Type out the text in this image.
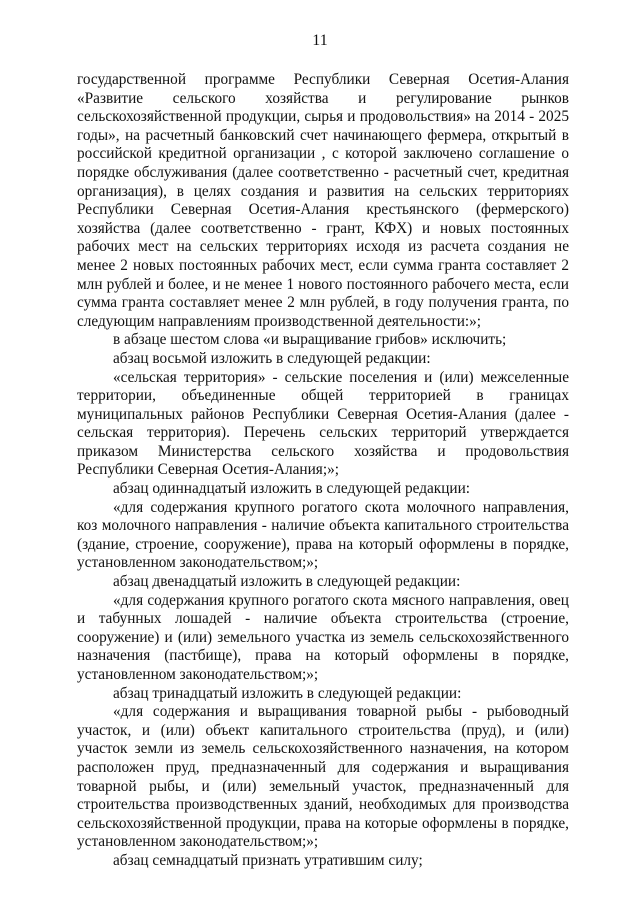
11

государственной программе Республики Северная Осетия-Алания «Развитие сельского хозяйства и регулирование рынков сельскохозяйственной продукции, сырья и продовольствия» на 2014 - 2025 годы», на расчетный банковский счет начинающего фермера, открытый в российской кредитной организации , с которой заключено соглашение о порядке обслуживания (далее соответственно - расчетный счет, кредитная организация), в целях создания и развития на сельских территориях Республики Северная Осетия-Алания крестьянского (фермерского) хозяйства (далее соответственно - грант, КФХ) и новых постоянных рабочих мест на сельских территориях исходя из расчета создания не менее 2 новых постоянных рабочих мест, если сумма гранта составляет 2 млн рублей и более, и не менее 1 нового постоянного рабочего места, если сумма гранта составляет менее 2 млн рублей, в году получения гранта, по следующим направлениям производственной деятельности:»;

в абзаце шестом слова «и выращивание грибов» исключить;

абзац восьмой изложить в следующей редакции:

«сельская территория» - сельские поселения и (или) межселенные территории, объединенные общей территорией в границах муниципальных районов Республики Северная Осетия-Алания (далее - сельская территория). Перечень сельских территорий утверждается приказом Министерства сельского хозяйства и продовольствия Республики Северная Осетия-Алания;»;

абзац одиннадцатый изложить в следующей редакции:

«для содержания крупного рогатого скота молочного направления, коз молочного направления - наличие объекта капитального строительства (здание, строение, сооружение), права на который оформлены в порядке, установленном законодательством;»;

абзац двенадцатый изложить в следующей редакции:

«для содержания крупного рогатого скота мясного направления, овец и табунных лошадей - наличие объекта строительства (строение, сооружение) и (или) земельного участка из земель сельскохозяйственного назначения (пастбище), права на который оформлены в порядке, установленном законодательством;»;

абзац тринадцатый изложить в следующей редакции:

«для содержания и выращивания товарной рыбы - рыбоводный участок, и (или) объект капитального строительства (пруд), и (или) участок земли из земель сельскохозяйственного назначения, на котором расположен пруд, предназначенный для содержания и выращивания товарной рыбы, и (или) земельный участок, предназначенный для строительства производственных зданий, необходимых для производства сельскохозяйственной продукции, права на которые оформлены в порядке, установленном законодательством;»;

абзац семнадцатый признать утратившим силу;
